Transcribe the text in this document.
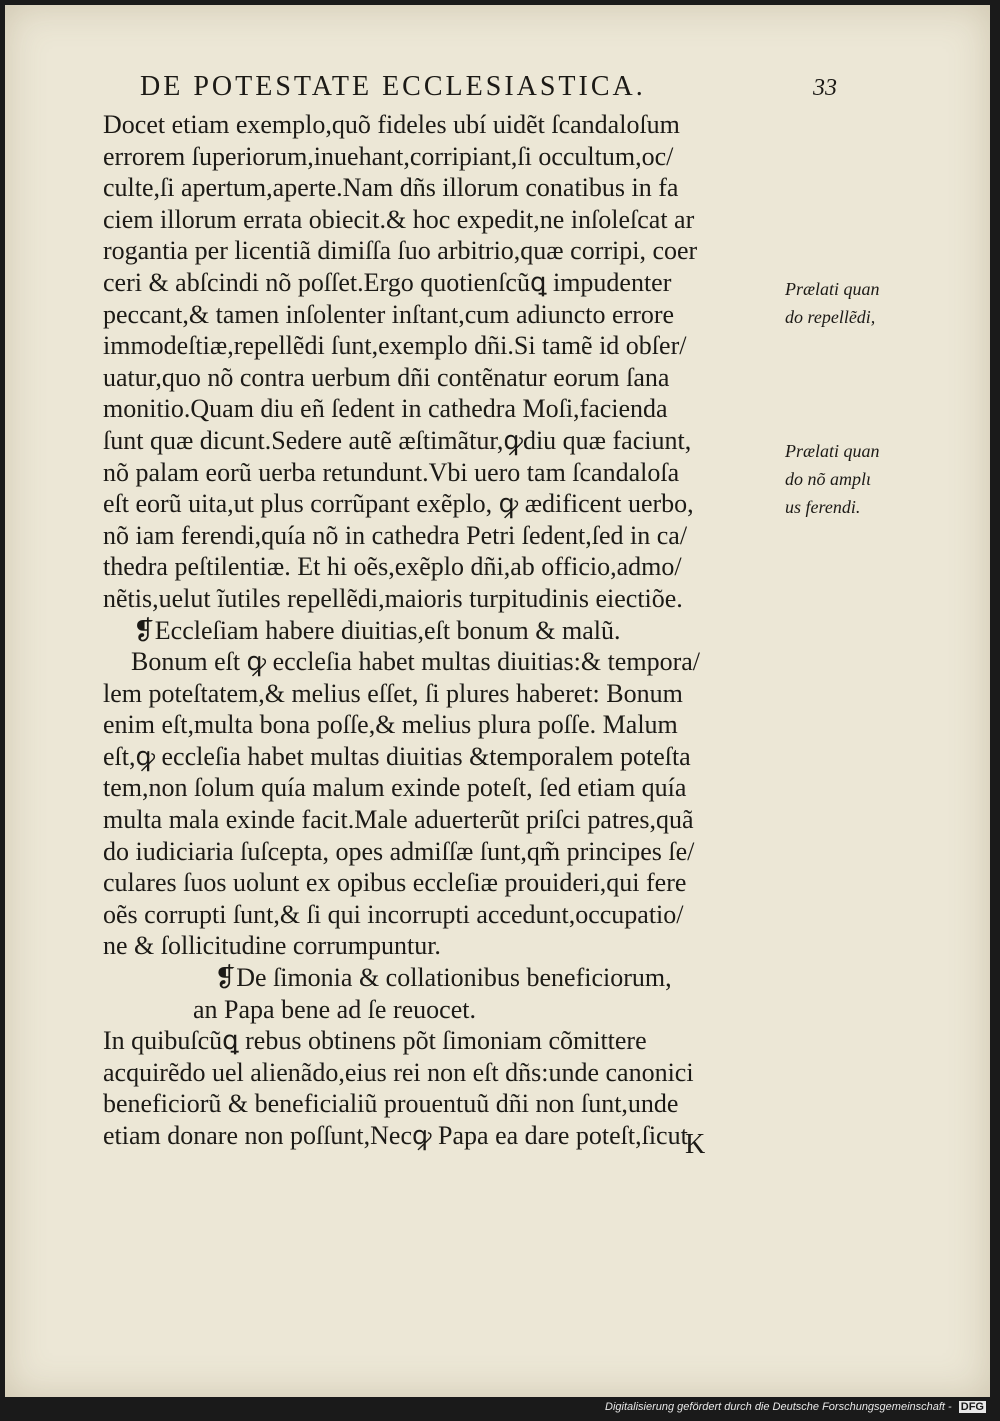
DE POTESTATE ECCLESIASTICA.	33
Docet etiam exemplo,quõ fideles ubí uidẽt ſcandaloſum
errorem ſuperiorum,inuehant,corripiant,ſi occultum,oc/
culte,ſi apertum,aperte.Nam dñs illorum conatibus in fa
ciem illorum errata obiecit.& hoc expedit,ne inſoleſcat ar
rogantia per licentiã dimiſſa ſuo arbitrio,quæ corripi, coer
ceri & abſcindi nõ poſſet.Ergo quotienſcũꝗ impudenter
peccant,& tamen inſolenter inſtant,cum adiuncto errore
immodeſtiæ,repellẽdi ſunt,exemplo dñi.Si tamẽ id obſer/
uatur,quo nõ contra uerbum dñi contẽnatur eorum ſana
monitio.Quam diu eñ ſedent in cathedra Moſi,facienda
ſunt quæ dicunt.Sedere autẽ æſtimãtur,ꝙdiu quæ faciunt,
nõ palam eorũ uerba retundunt.Vbi uero tam ſcandaloſa
eſt eorũ uita,ut plus corrũpant exẽplo, ꝙ ædificent uerbo,
nõ iam ferendi,quía nõ in cathedra Petri ſedent,ſed in ca/
thedra peſtilentiæ. Et hi oẽs,exẽplo dñi,ab officio,admo/
nẽtis,uelut ĩutiles repellẽdi,maioris turpitudinis eiectiõe.
❡Eccleſiam habere diuitias,eſt bonum & malũ.
Bonum eſt ꝙ eccleſia habet multas diuitias:& tempora/
lem poteſtatem,& melius eſſet, ſi plures haberet: Bonum
enim eſt,multa bona poſſe,& melius plura poſſe. Malum
eſt,ꝙ eccleſia habet multas diuitias &temporalem poteſta
tem,non ſolum quía malum exinde poteſt, ſed etiam quía
multa mala exinde facit.Male aduerterũt priſci patres,quã
do iudiciaria ſuſcepta, opes admiſſæ ſunt,qm̃ principes ſe/
culares ſuos uolunt ex opibus eccleſiæ prouideri,qui fere
oẽs corrupti ſunt,& ſi qui incorrupti accedunt,occupatio/
ne & ſollicitudine corrumpuntur.
❡De ſimonia & collationibus beneficiorum,
an Papa bene ad ſe reuocet.
In quibuſcũꝗ rebus obtinens põt ſimoniam cõmittere
acquirẽdo uel alienãdo,eius rei non eſt dñs:unde canonici
beneficiorũ & beneficialiũ prouentuũ dñi non ſunt,unde
etiam donare non poſſunt,Necꝙ Papa ea dare poteſt,ſicut
Prælati quan
do repellẽdi,
Prælati quan
do nõ amplι
us ferendi.
K
Digitalisierung gefördert durch die Deutsche Forschungsgemeinschaft - DFG
